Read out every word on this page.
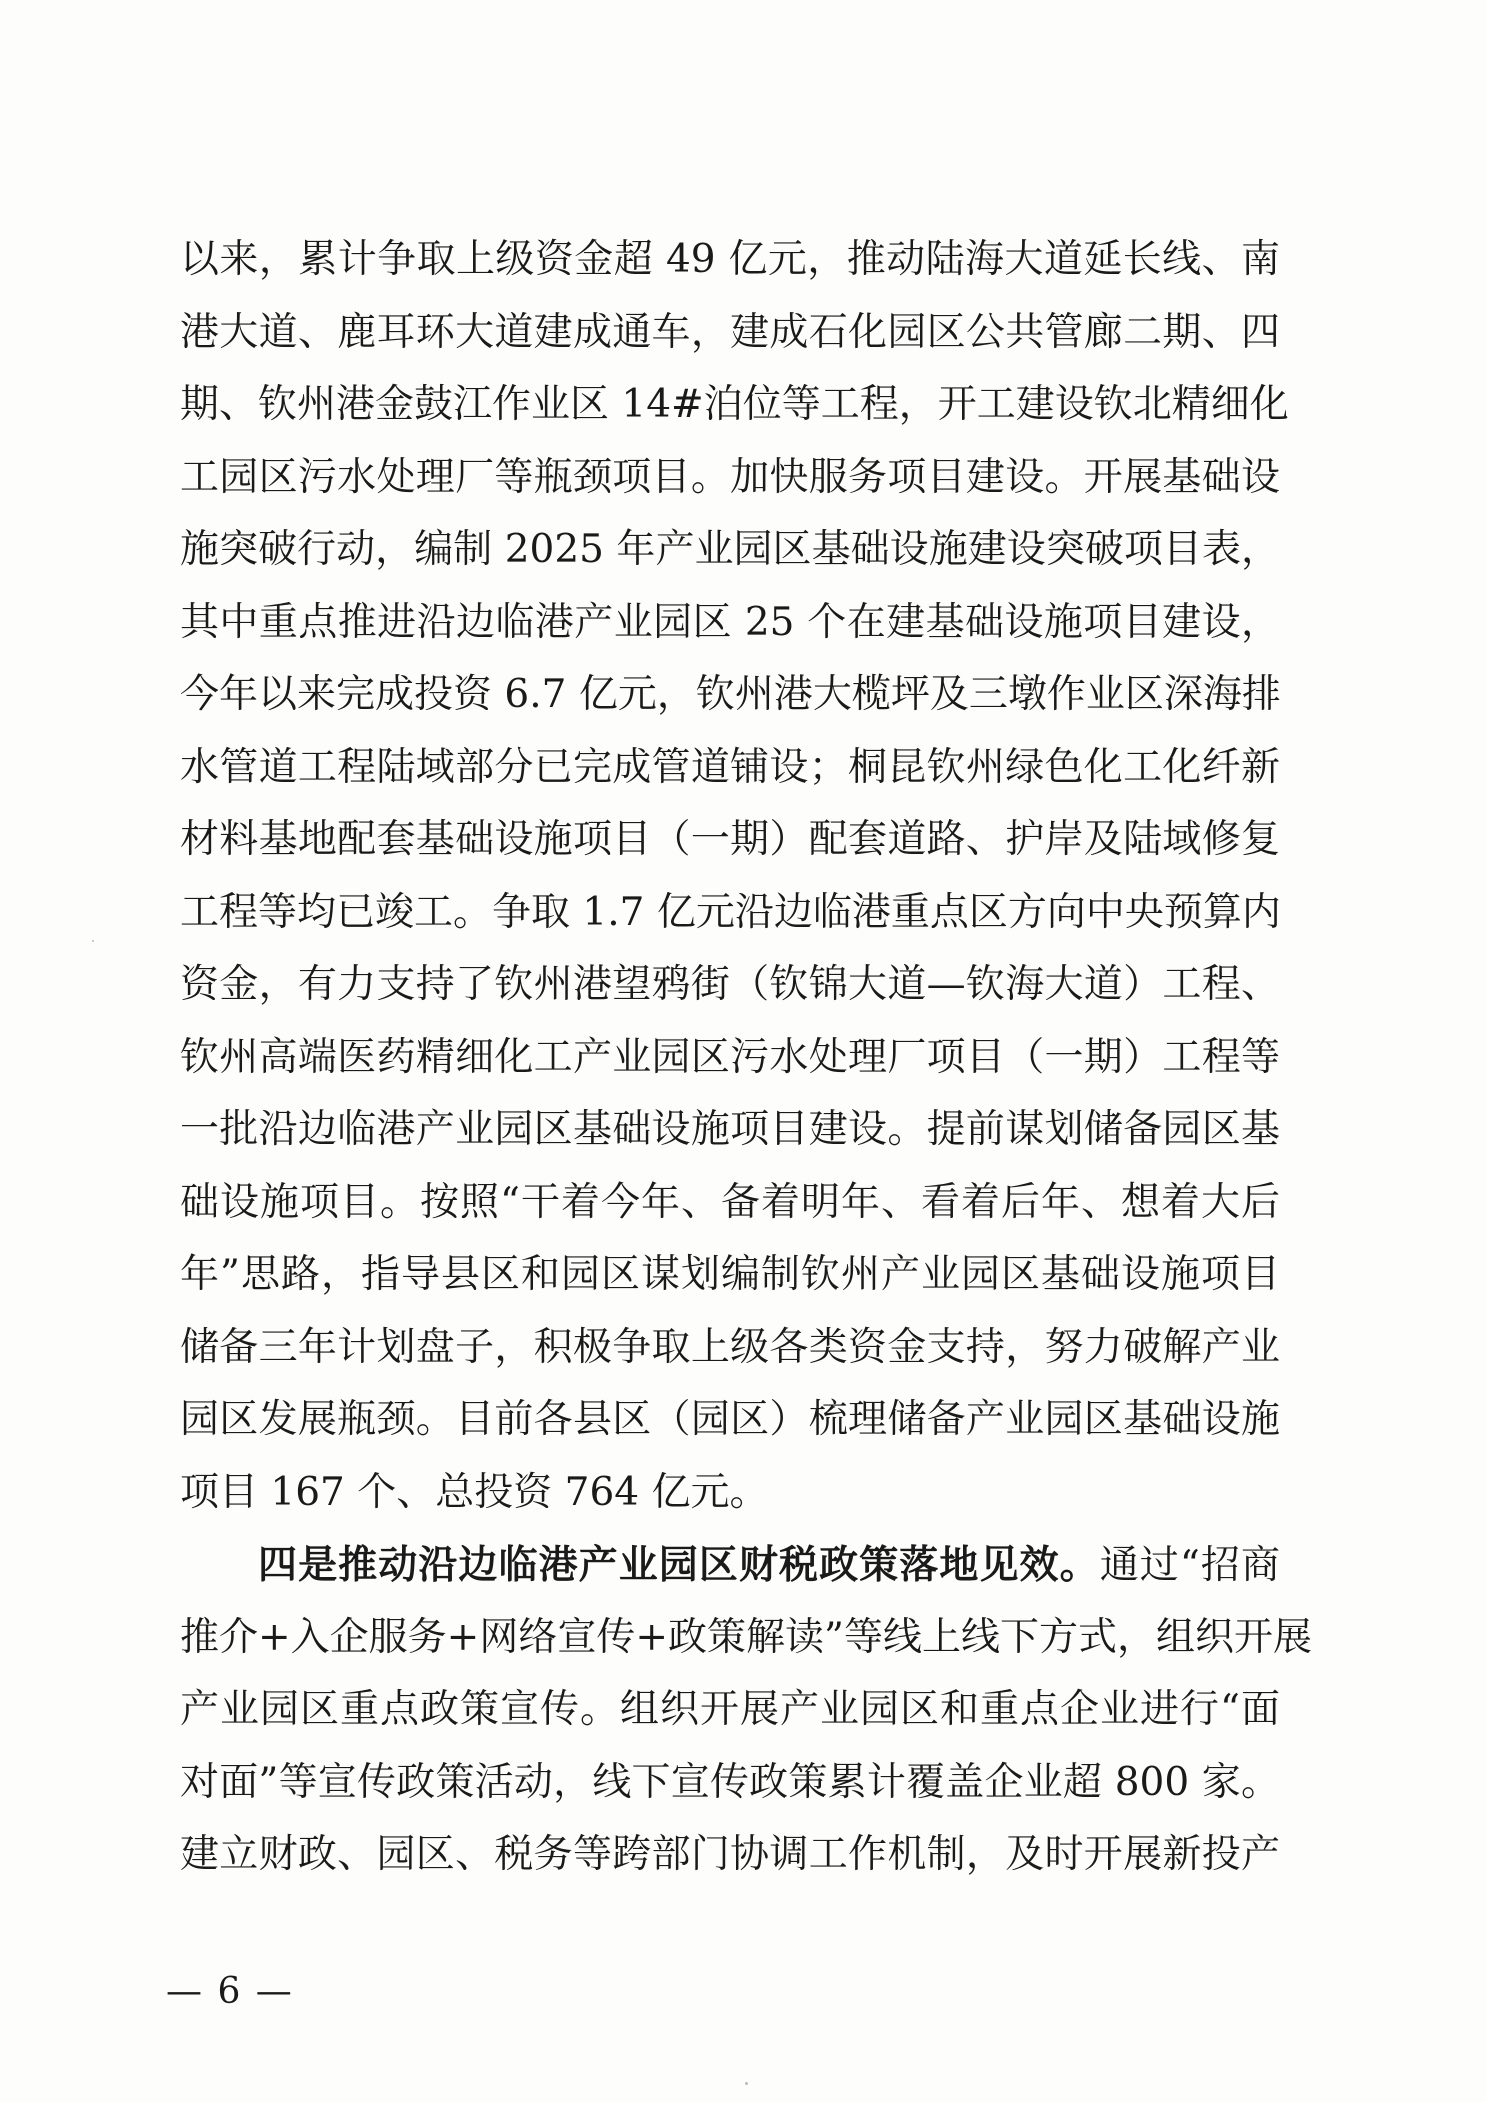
以来，累计争取上级资金超 49 亿元，推动陆海大道延长线、南
港大道、鹿耳环大道建成通车，建成石化园区公共管廊二期、四
期、钦州港金鼓江作业区 14#泊位等工程，开工建设钦北精细化
工园区污水处理厂等瓶颈项目。加快服务项目建设。开展基础设
施突破行动，编制 2025 年产业园区基础设施建设突破项目表，
其中重点推进沿边临港产业园区 25 个在建基础设施项目建设，
今年以来完成投资 6.7 亿元，钦州港大榄坪及三墩作业区深海排
水管道工程陆域部分已完成管道铺设；桐昆钦州绿色化工化纤新
材料基地配套基础设施项目（一期）配套道路、护岸及陆域修复
工程等均已竣工。争取 1.7 亿元沿边临港重点区方向中央预算内
资金，有力支持了钦州港望鸦街（钦锦大道—钦海大道）工程、
钦州高端医药精细化工产业园区污水处理厂项目（一期）工程等
一批沿边临港产业园区基础设施项目建设。提前谋划储备园区基
础设施项目。按照“干着今年、备着明年、看着后年、想着大后
年”思路，指导县区和园区谋划编制钦州产业园区基础设施项目
储备三年计划盘子，积极争取上级各类资金支持，努力破解产业
园区发展瓶颈。目前各县区（园区）梳理储备产业园区基础设施
项目 167 个、总投资 764 亿元。
四是推动沿边临港产业园区财税政策落地见效。通过“招商
推介+入企服务+网络宣传+政策解读”等线上线下方式，组织开展
产业园区重点政策宣传。组织开展产业园区和重点企业进行“面
对面”等宣传政策活动，线下宣传政策累计覆盖企业超 800 家。
建立财政、园区、税务等跨部门协调工作机制，及时开展新投产
— 6 —
